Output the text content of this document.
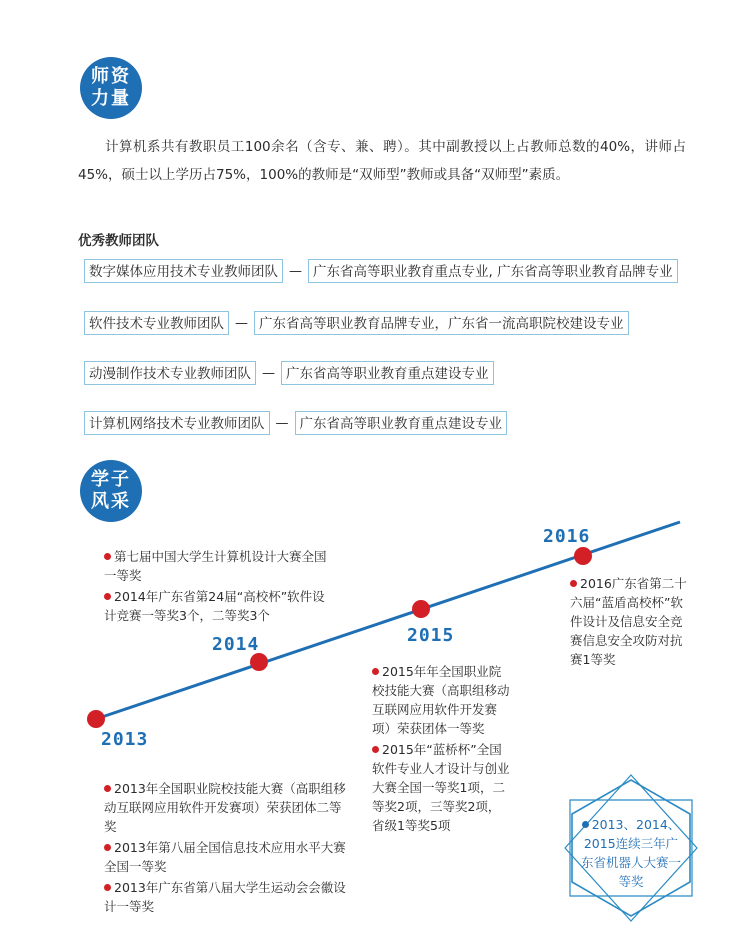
师资
力量
计算机系共有教职员工100余名（含专、兼、聘）。其中副教授以上占教师总数的40%，讲师占45%，硕士以上学历占75%，100%的教师是“双师型”教师或具备“双师型”素质。
优秀教师团队
数字媒体应用技术专业教师团队 — 广东省高等职业教育重点专业, 广东省高等职业教育品牌专业
软件技术专业教师团队 — 广东省高等职业教育品牌专业，广东省一流高职院校建设专业
动漫制作技术专业教师团队 — 广东省高等职业教育重点建设专业
计算机网络技术专业教师团队 — 广东省高等职业教育重点建设专业
学子
风采
2013
2014	2015
2016

第七届中国大学生计算机设计大赛全国一等奖

2014年广东省第24届“高校杯”软件设计竞赛一等奖3个，二等奖3个

2013年全国职业院校技能大赛（高职组移动互联网应用软件开发赛项）荣获团体二等奖

2013年第八届全国信息技术应用水平大赛全国一等奖

2013年广东省第八届大学生运动会会徽设计一等奖

2015年年全国职业院校技能大赛（高职组移动互联网应用软件开发赛项）荣获团体一等奖

2015年“蓝桥杯”全国软件专业人才设计与创业大赛全国一等奖1项，二等奖2项，三等奖2项，省级1等奖5项

2016广东省第二十六届“蓝盾高校杯”软件设计及信息安全竞赛信息安全攻防对抗赛1等奖

2013、2014、2015连续三年广东省机器人大赛一等奖
